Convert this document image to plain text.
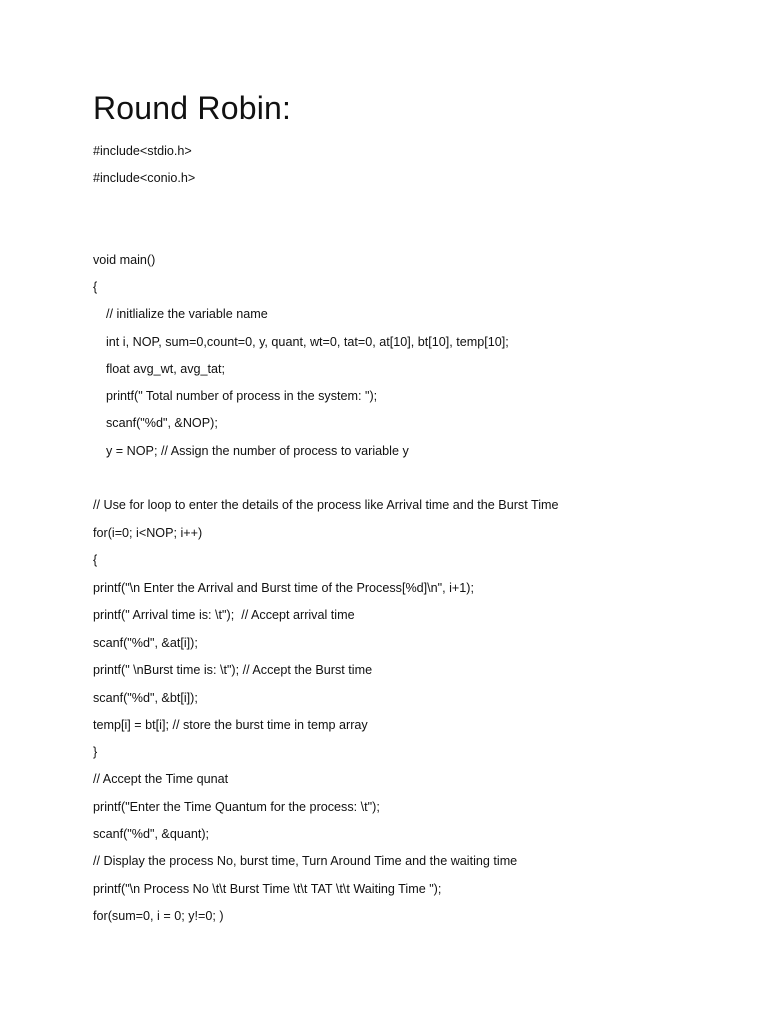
Round Robin:
#include<stdio.h>
#include<conio.h>
void main()
{
// initlialize the variable name
int i, NOP, sum=0,count=0, y, quant, wt=0, tat=0, at[10], bt[10], temp[10];
float avg_wt, avg_tat;
printf(" Total number of process in the system: ");
scanf("%d", &NOP);
y = NOP; // Assign the number of process to variable y
// Use for loop to enter the details of the process like Arrival time and the Burst Time
for(i=0; i<NOP; i++)
{
printf("\n Enter the Arrival and Burst time of the Process[%d]\n", i+1);
printf(" Arrival time is: \t");  // Accept arrival time
scanf("%d", &at[i]);
printf(" \nBurst time is: \t"); // Accept the Burst time
scanf("%d", &bt[i]);
temp[i] = bt[i]; // store the burst time in temp array
}
// Accept the Time qunat
printf("Enter the Time Quantum for the process: \t");
scanf("%d", &quant);
// Display the process No, burst time, Turn Around Time and the waiting time
printf("\n Process No \t\t Burst Time \t\t TAT \t\t Waiting Time ");
for(sum=0, i = 0; y!=0; )
